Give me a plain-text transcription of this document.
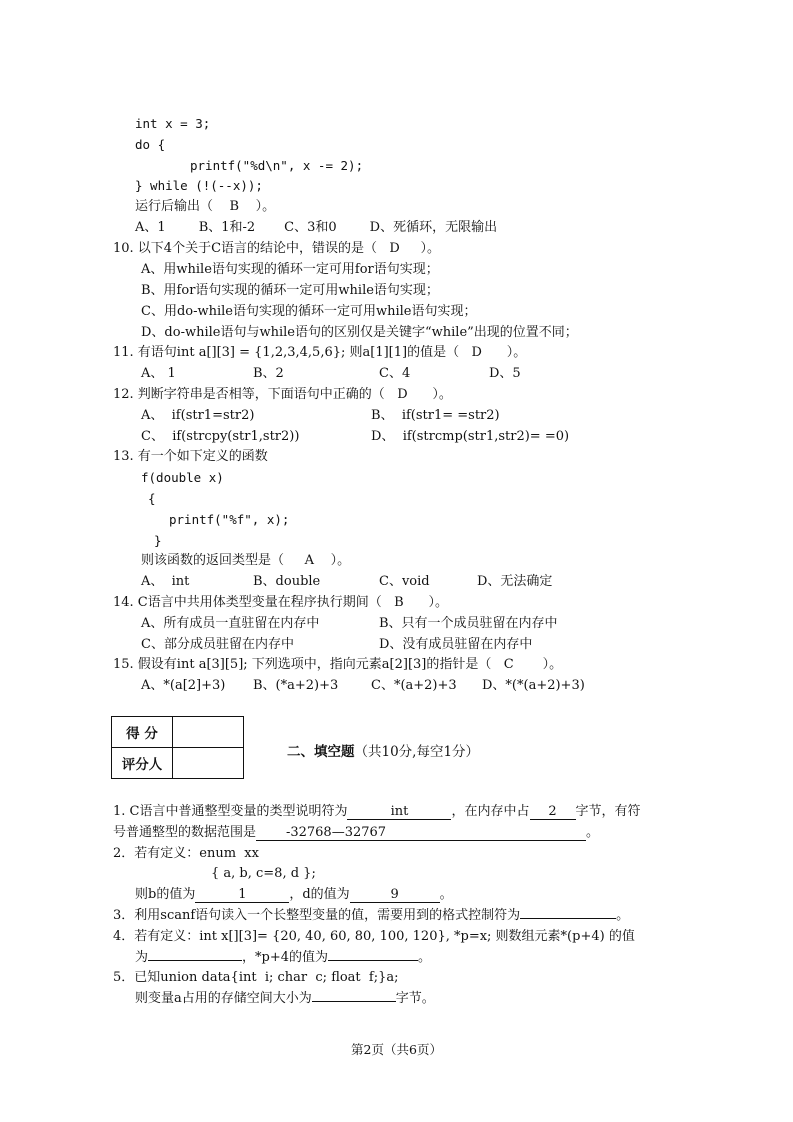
int x = 3;
do {
printf("%d\n", x -= 2);
} while (!(--x));
运行后输出（    B    ）。
A、1        B、1和-2       C、3和0        D、死循环，无限输出
10. 以下4个关于C语言的结论中，错误的是（   D     ）。
A、用while语句实现的循环一定可用for语句实现；
B、用for语句实现的循环一定可用while语句实现；
C、用do-while语句实现的循环一定可用while语句实现；
D、do-while语句与while语句的区别仅是关键字“while”出现的位置不同；
11. 有语句int a[][3] = {1,2,3,4,5,6}; 则a[1][1]的值是（   D      ）。
A、 1	B、2	C、4	D、5
12. 判断字符串是否相等，下面语句中正确的（   D      ）。
A、  if(str1=str2)	B、  if(str1= =str2)
C、  if(strcpy(str1,str2))	D、  if(strcmp(str1,str2)= =0)
13. 有一个如下定义的函数
f(double x)
{
printf("%f", x);
}
则该函数的返回类型是（     A    ）。
A、  int	B、double	C、void	D、无法确定
14. C语言中共用体类型变量在程序执行期间（   B      ）。
A、所有成员一直驻留在内存中	B、只有一个成员驻留在内存中
C、部分成员驻留在内存中	D、没有成员驻留在内存中
15. 假设有int a[3][5]; 下列选项中，指向元素a[2][3]的指针是（   C       ）。
A、*(a[2]+3) B、(*a+2)+3	C、*(a+2)+3 D、*(*(a+2)+3)
得 分	
评分人	
二、填空题（共10分,每空1分）
1. C语言中普通整型变量的类型说明符为	int	，在内存中占 2 字节，有符
号普通整型的数据范围是 -32768—32767	。
2．若有定义：enum  xx
{ a, b, c=8, d };
则b的值为	1	，d的值为	9	。
3．利用scanf语句读入一个长整型变量的值，需要用到的格式控制符为	。
4．若有定义：int x[][3]= {20, 40, 60, 80, 100, 120}, *p=x; 则数组元素*(p+4) 的值
为	，*p+4的值为	。
5．已知union data{int  i; char  c; float  f;}a;
则变量a占用的存储空间大小为	字节。
第2页（共6页）
